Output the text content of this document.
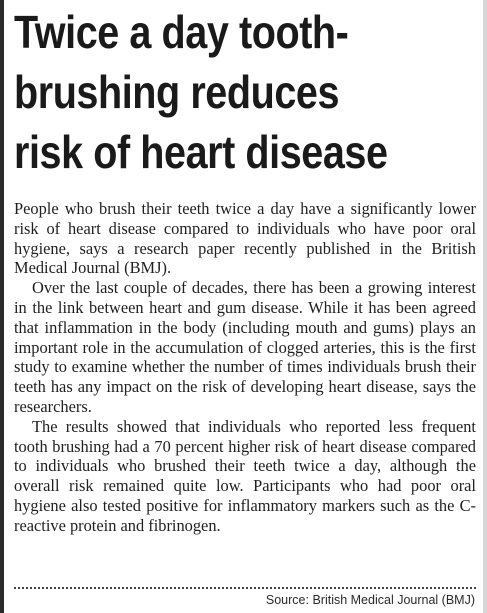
Twice a day tooth-
brushing reduces
risk of heart disease

People who brush their teeth twice a day have a significantly lower risk of heart disease compared to individuals who have poor oral hygiene, says a research paper recently published in the British Medical Journal (BMJ).

Over the last couple of decades, there has been a growing interest in the link between heart and gum disease. While it has been agreed that inflammation in the body (including mouth and gums) plays an important role in the accumulation of clogged arteries, this is the first study to examine whether the number of times individuals brush their teeth has any impact on the risk of developing heart disease, says the researchers.

The results showed that individuals who reported less frequent tooth brushing had a 70 percent higher risk of heart disease compared to individuals who brushed their teeth twice a day, although the overall risk remained quite low. Participants who had poor oral hygiene also tested positive for inflammatory markers such as the C-reactive protein and fibrinogen.

Source: British Medical Journal (BMJ)
